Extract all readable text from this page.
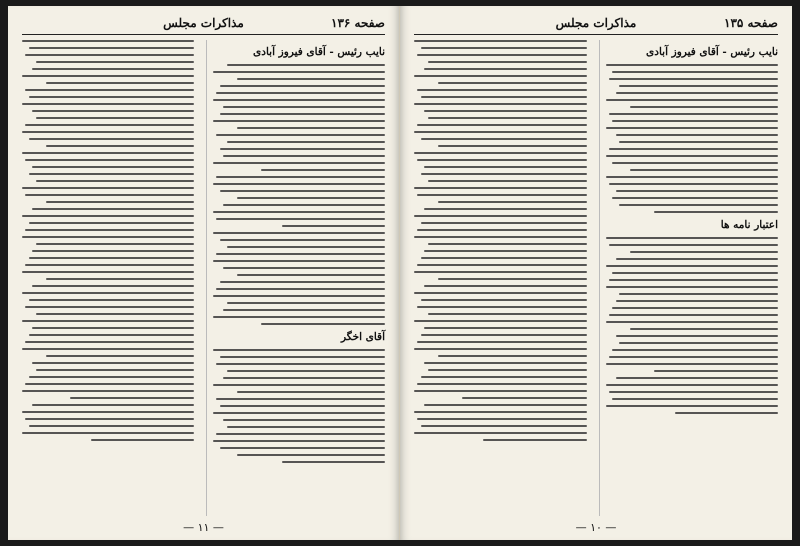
صفحه ۱۳۶
مذاکرات مجلس
نایب رئیس - آقای فیروز آبادی
آقای اخگر
— ۱۱ —
صفحه ۱۳۵
مذاکرات مجلس
نایب رئیس - آقای فیروز آبادی
اعتبار نامه ها
— ۱۰ —
